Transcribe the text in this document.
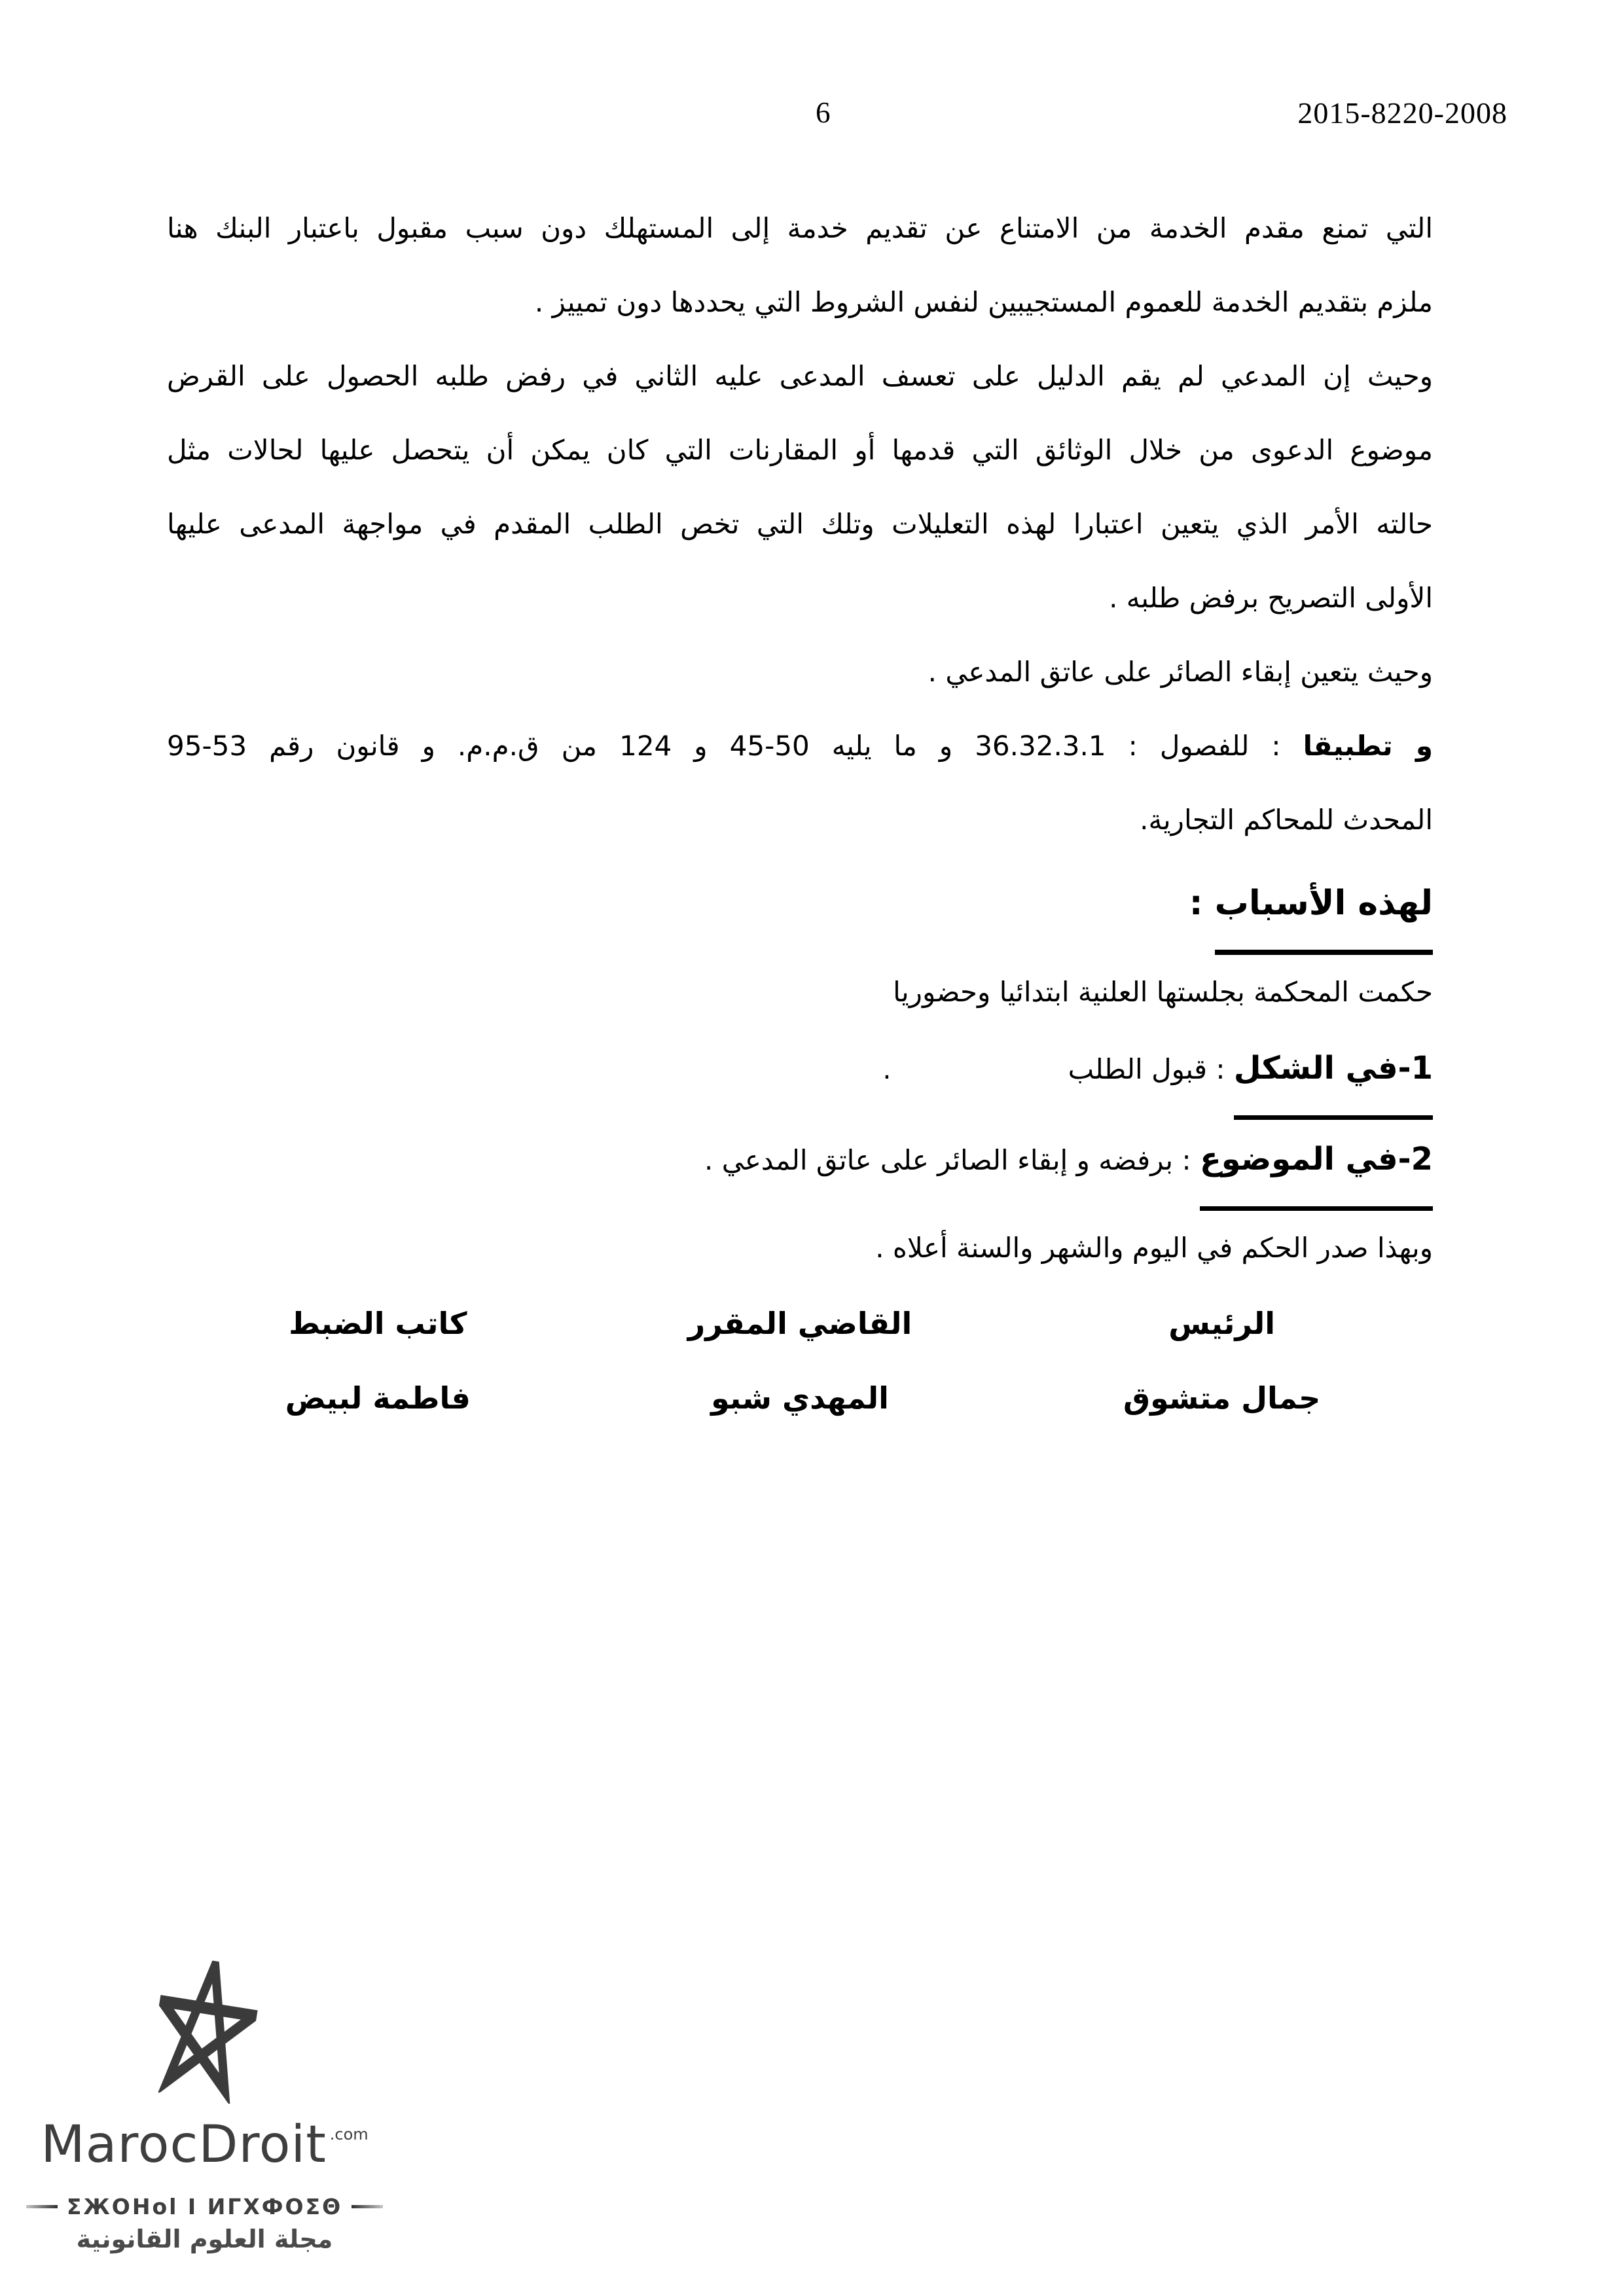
6	2015-8220-2008
التي تمنع مقدم الخدمة من الامتناع عن تقديم خدمة إلى المستهلك دون سبب مقبول باعتبار البنك هنا
ملزم بتقديم الخدمة للعموم المستجيبين لنفس الشروط التي يحددها دون تمييز .
وحيث إن المدعي لم يقم الدليل على تعسف المدعى عليه الثاني في رفض طلبه الحصول على القرض
موضوع الدعوى من خلال الوثائق التي قدمها أو المقارنات التي كان يمكن أن يتحصل عليها لحالات مثل
حالته الأمر الذي يتعين اعتبارا لهذه التعليلات وتلك التي تخص الطلب المقدم في مواجهة المدعى عليها
الأولى التصريح برفض طلبه .
وحيث يتعين إبقاء الصائر على عاتق المدعي .
و تطبيقا : للفصول : 36.32.3.1 و ما يليه 50-45 و 124 من ق.م.م. و قانون رقم 53-95
المحدث للمحاكم التجارية.
لهذه الأسباب :
حكمت المحكمة بجلستها العلنية ابتدائيا وحضوريا
1-في الشكل : قبول الطلب.
2-في الموضوع : برفضه و إبقاء الصائر على عاتق المدعي .
وبهذا صدر الحكم في اليوم والشهر والسنة أعلاه .
الرئيس
القاضي المقرر
كاتب الضبط
جمال متشوق
المهدي شبو
فاطمة لبيض
MarocDroit .com
ΣЖOHol I ИГХФOΣΘ
مجلة العلوم القانونية
